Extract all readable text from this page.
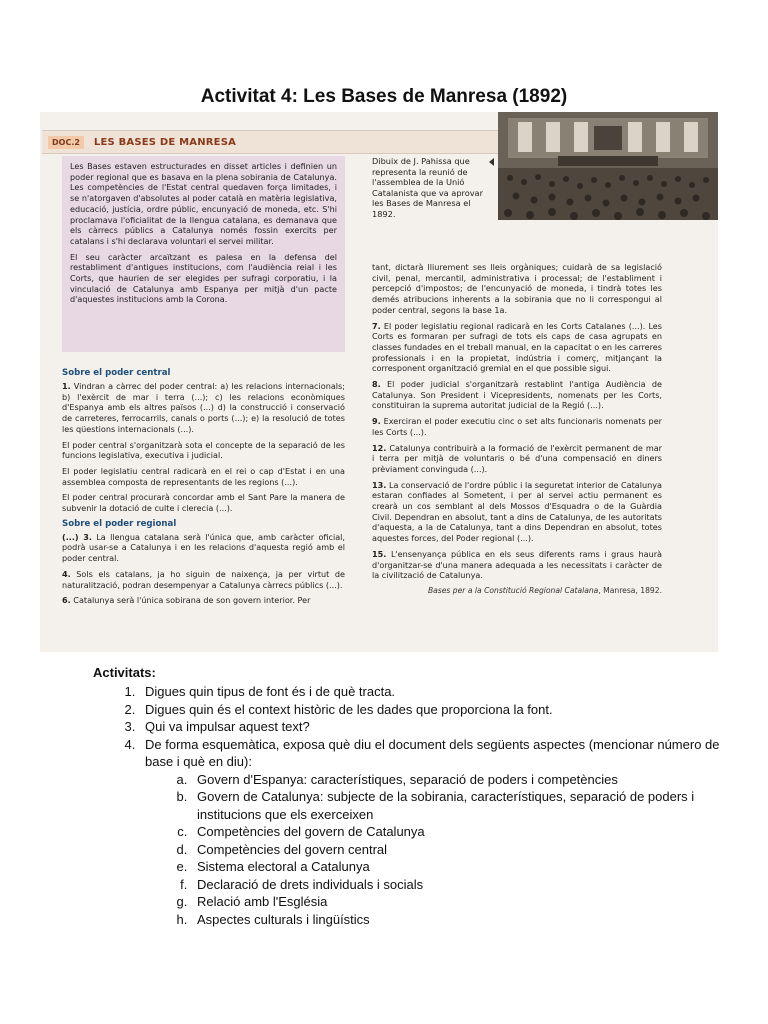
Activitat 4: Les Bases de Manresa (1892)
DOC.2	LES BASES DE MANRESA
Dibuix de J. Pahissa que representa la reunió de l'assemblea de la Unió Catalanista que va aprovar les Bases de Manresa el 1892.

Les Bases estaven estructurades en disset articles i definien un poder regional que es basava en la plena sobirania de Catalunya. Les competències de l'Estat central quedaven força limitades, i se n'atorgaven d'absolutes al poder català en matèria legislativa, educació, justícia, ordre públic, encunyació de moneda, etc. S'hi proclamava l'oficialitat de la llengua catalana, es demanava que els càrrecs públics a Catalunya només fossin exercits per catalans i s'hi declarava voluntari el servei militar.

El seu caràcter arcaïtzant es palesa en la defensa del restabliment d'antigues institucions, com l'audiència reial i les Corts, que haurien de ser elegides per sufragi corporatiu, i la vinculació de Catalunya amb Espanya per mitjà d'un pacte d'aquestes institucions amb la Corona.

Sobre el poder central

1. Vindran a càrrec del poder central: a) les relacions internacionals; b) l'exèrcit de mar i terra (...); c) les relacions econòmiques d'Espanya amb els altres països (...) d) la construcció i conservació de carreteres, ferrocarrils, canals o ports (...); e) la resolució de totes les qüestions internacionals (...).

El poder central s'organitzarà sota el concepte de la separació de les funcions legislativa, executiva i judicial.

El poder legislatiu central radicarà en el rei o cap d'Estat i en una assemblea composta de representants de les regions (...).

El poder central procurarà concordar amb el Sant Pare la manera de subvenir la dotació de culte i clerecia (...).

Sobre el poder regional

(...) 3. La llengua catalana serà l'única que, amb caràcter oficial, podrà usar-se a Catalunya i en les relacions d'aquesta regió amb el poder central.

4. Sols els catalans, ja ho siguin de naixença, ja per virtut de naturalització, podran desempenyar a Catalunya càrrecs públics (...).

6. Catalunya serà l'única sobirana de son govern interior. Per

tant, dictarà lliurement ses lleis orgàniques; cuidarà de sa legislació civil, penal, mercantil, administrativa i processal; de l'establiment i percepció d'impostos; de l'encunyació de moneda, i tindrà totes les demés atribucions inherents a la sobirania que no li correspongui al poder central, segons la base 1a.

7. El poder legislatiu regional radicarà en les Corts Catalanes (...). Les Corts es formaran per sufragi de tots els caps de casa agrupats en classes fundades en el treball manual, en la capacitat o en les carreres professionals i en la propietat, indústria i comerç, mitjançant la corresponent organització gremial en el que possible sigui.

8. El poder judicial s'organitzarà restablint l'antiga Audiència de Catalunya. Son President i Vicepresidents, nomenats per les Corts, constituiran la suprema autoritat judicial de la Regió (...).

9. Exerciran el poder executiu cinc o set alts funcionaris nomenats per les Corts (...).

12. Catalunya contribuirà a la formació de l'exèrcit permanent de mar i terra per mitjà de voluntaris o bé d'una compensació en diners prèviament convinguda (...).

13. La conservació de l'ordre públic i la seguretat interior de Catalunya estaran confiades al Sometent, i per al servei actiu permanent es crearà un cos semblant al dels Mossos d'Esquadra o de la Guàrdia Civil. Dependran en absolut, tant a dins de Catalunya, de les autoritats d'aquesta, a la de Catalunya, tant a dins Dependran en absolut, totes aquestes forces, del Poder regional (...).

15. L'ensenyança pública en els seus diferents rams i graus haurà d'organitzar-se d'una manera adequada a les necessitats i caràcter de la civilització de Catalunya.

Bases per a la Constitució Regional Catalana, Manresa, 1892.
Activitats:
1. Digues quin tipus de font és i de què tracta.
2. Digues quin és el context històric de les dades que proporciona la font.
3. Qui va impulsar aquest text?
4. De forma esquemàtica, exposa què diu el document dels següents aspectes (mencionar número de base i què en diu):
a. Govern d'Espanya: característiques, separació de poders i competències
b. Govern de Catalunya: subjecte de la sobirania, característiques, separació de poders i institucions que els exerceixen
c. Competències del govern de Catalunya
d. Competències del govern central
e. Sistema electoral a Catalunya
f. Declaració de drets individuals i socials
g. Relació amb l'Església
h. Aspectes culturals i lingüístics
